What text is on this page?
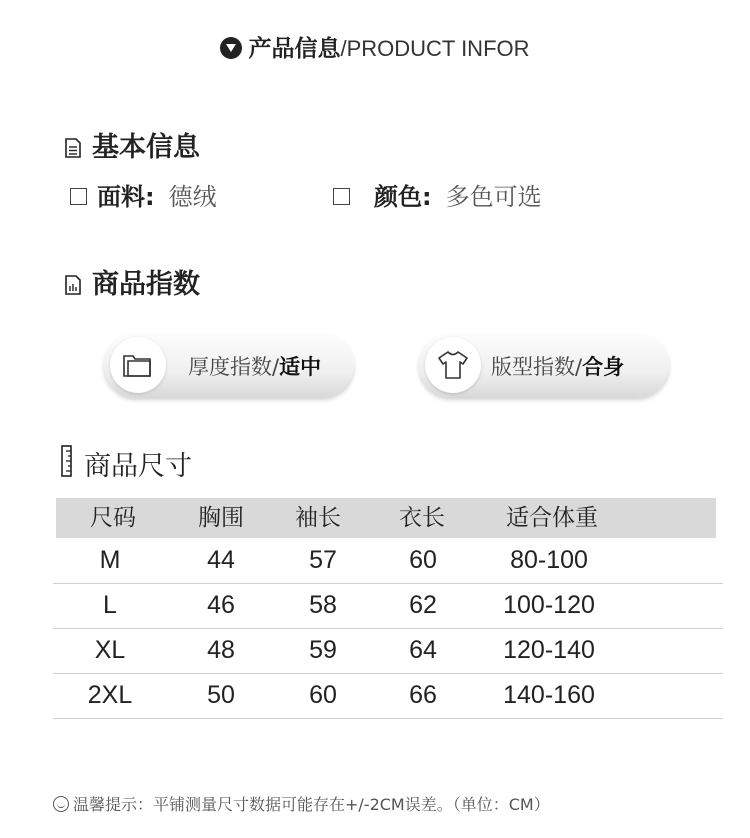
产品信息/PRODUCT INFOR
基本信息
面料: 德绒	颜色: 多色可选
商品指数
厚度指数/适中	版型指数/合身
商品尺寸
尺码	胸围	袖长	衣长	适合体重
M	44	57	60	80-100
L	46	58	62	100-120
XL	48	59	64	120-140
2XL	50	60	66	140-160
温馨提示：平铺测量尺寸数据可能存在+/-2CM误差。（单位：CM）
